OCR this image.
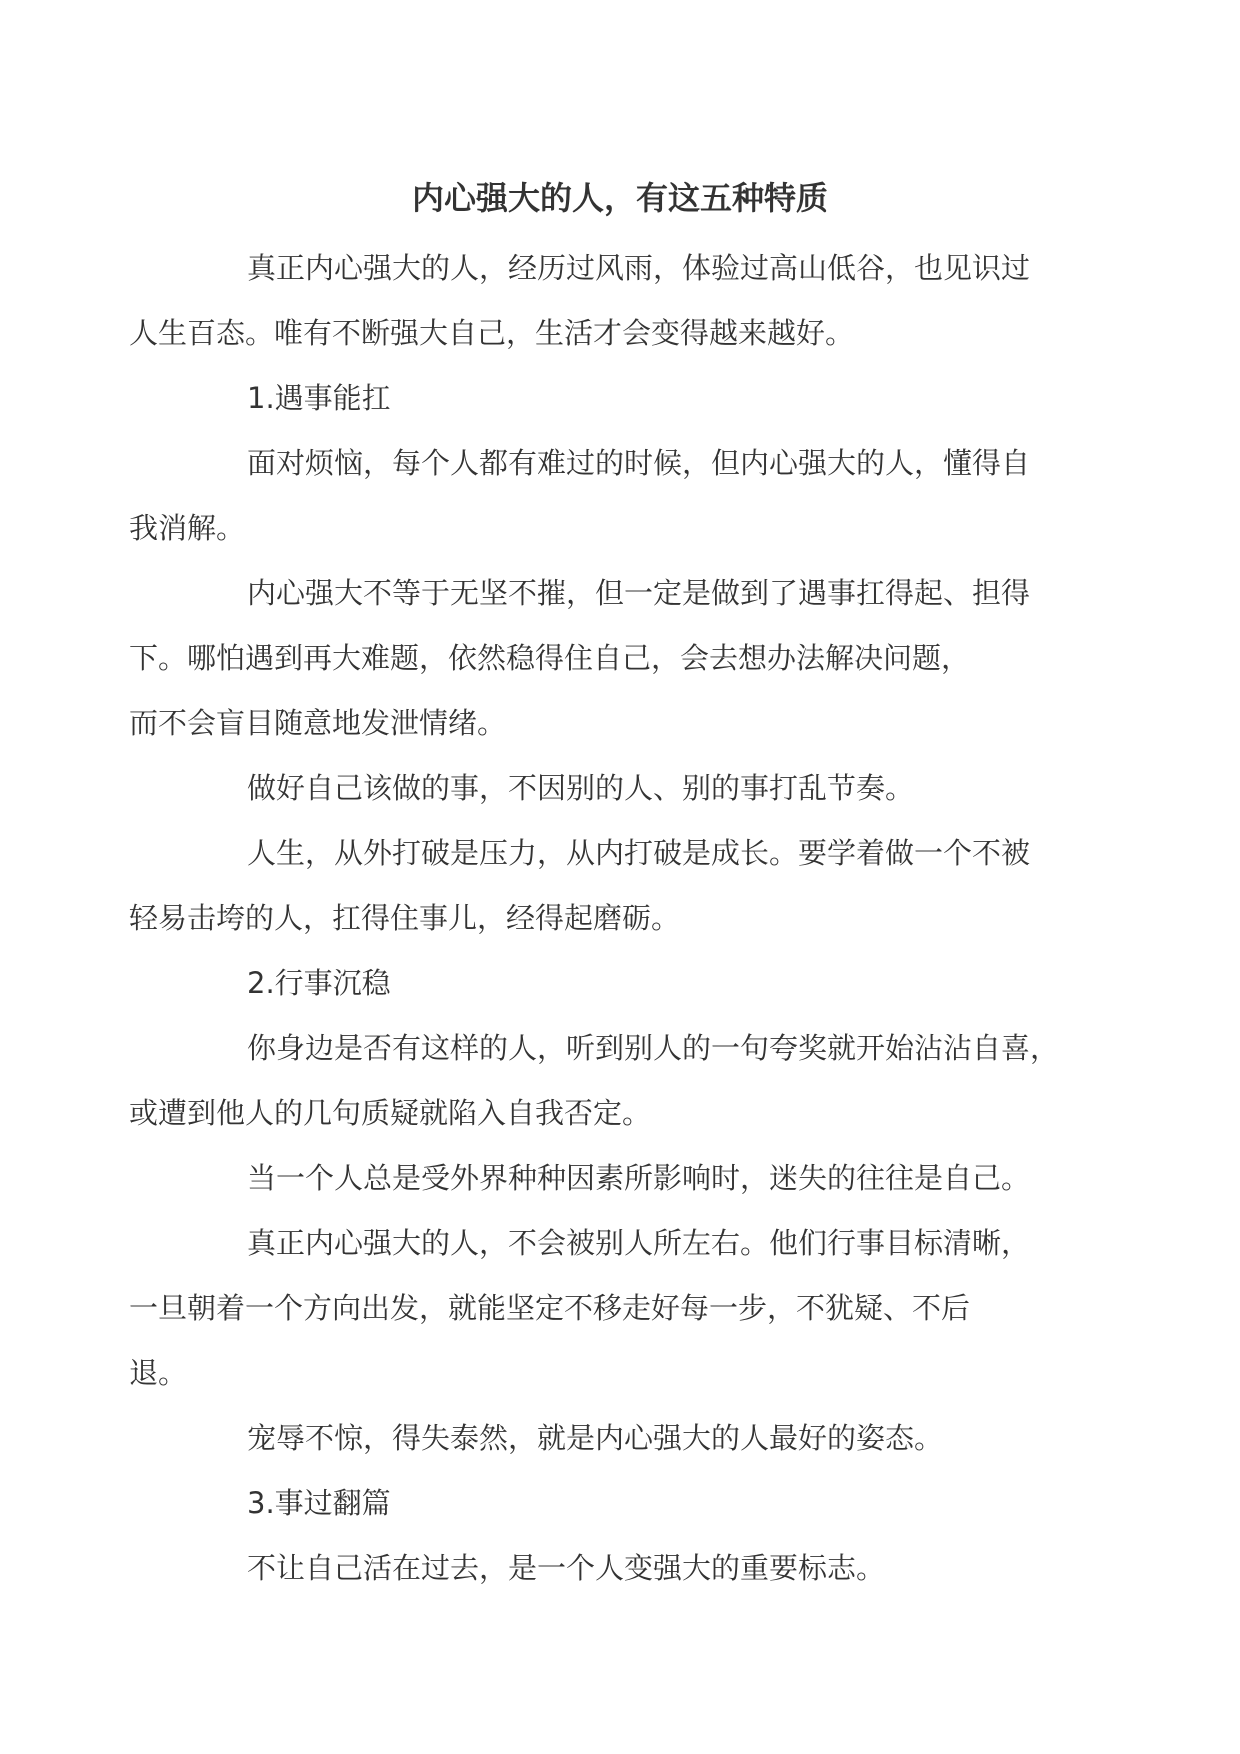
内心强大的人，有这五种特质

真正内心强大的人，经历过风雨，体验过高山低谷，也见识过
人生百态。唯有不断强大自己，生活才会变得越来越好。

1.遇事能扛

面对烦恼，每个人都有难过的时候，但内心强大的人，懂得自
我消解。

内心强大不等于无坚不摧，但一定是做到了遇事扛得起、担得
下。哪怕遇到再大难题，依然稳得住自己，会去想办法解决问题，
而不会盲目随意地发泄情绪。

做好自己该做的事，不因别的人、别的事打乱节奏。

人生，从外打破是压力，从内打破是成长。要学着做一个不被
轻易击垮的人，扛得住事儿，经得起磨砺。

2.行事沉稳

你身边是否有这样的人，听到别人的一句夸奖就开始沾沾自喜，
或遭到他人的几句质疑就陷入自我否定。

当一个人总是受外界种种因素所影响时，迷失的往往是自己。

真正内心强大的人，不会被别人所左右。他们行事目标清晰，
一旦朝着一个方向出发，就能坚定不移走好每一步，不犹疑、不后
退。

宠辱不惊，得失泰然，就是内心强大的人最好的姿态。

3.事过翻篇

不让自己活在过去，是一个人变强大的重要标志。
